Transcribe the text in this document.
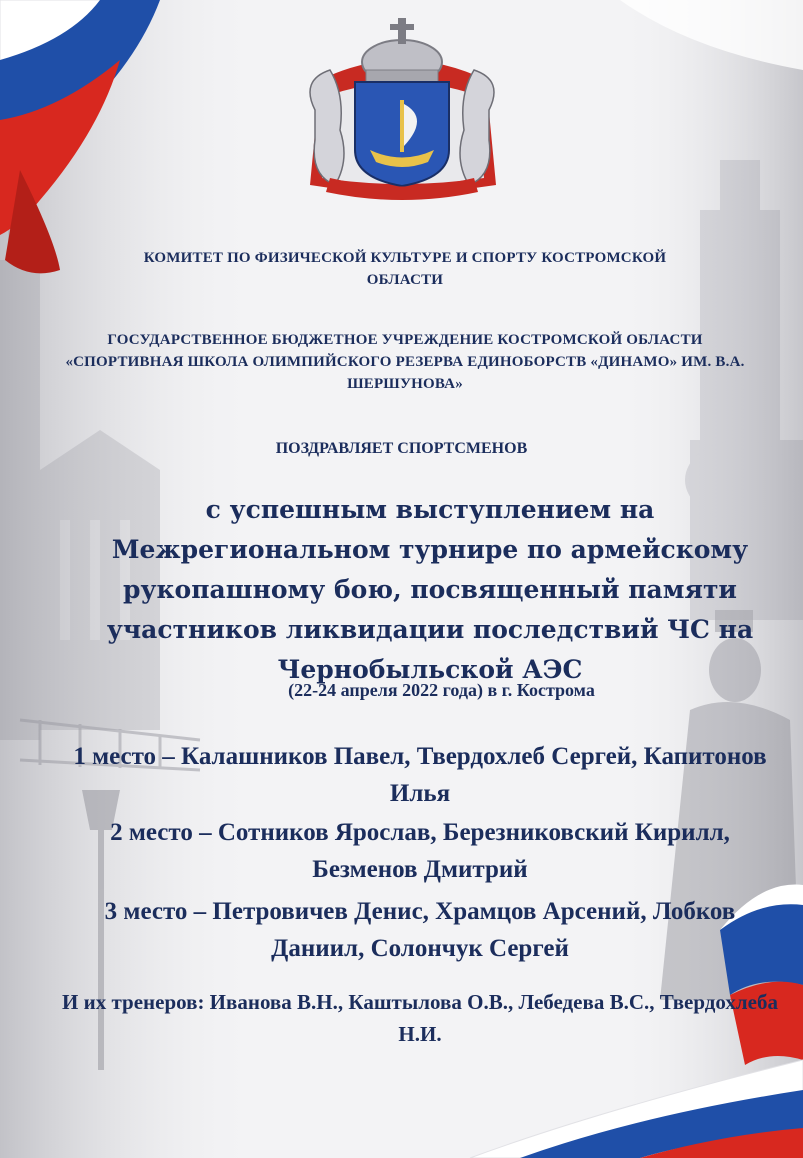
КОМИТЕТ ПО ФИЗИЧЕСКОЙ КУЛЬТУРЕ И СПОРТУ КОСТРОМСКОЙ ОБЛАСТИ

ГОСУДАРСТВЕННОЕ БЮДЖЕТНОЕ УЧРЕЖДЕНИЕ КОСТРОМСКОЙ ОБЛАСТИ «СПОРТИВНАЯ ШКОЛА ОЛИМПИЙСКОГО РЕЗЕРВА ЕДИНОБОРСТВ «ДИНАМО» ИМ. В.А. ШЕРШУНОВА»

ПОЗДРАВЛЯЕТ СПОРТСМЕНОВ

с успешным выступлением на Межрегиональном турнире по армейскому рукопашному бою, посвященный памяти участников ликвидации последствий ЧС на Чернобыльской АЭС

(22-24 апреля 2022 года) в г. Кострома

1 место – Калашников Павел, Твердохлеб Сергей, Капитонов Илья

2 место – Сотников Ярослав, Березниковский Кирилл, Безменов Дмитрий

3 место – Петровичев Денис, Храмцов Арсений, Лобков Даниил, Солончук Сергей

И их тренеров: Иванова В.Н., Каштылова О.В., Лебедева В.С., Твердохлеба Н.И.
